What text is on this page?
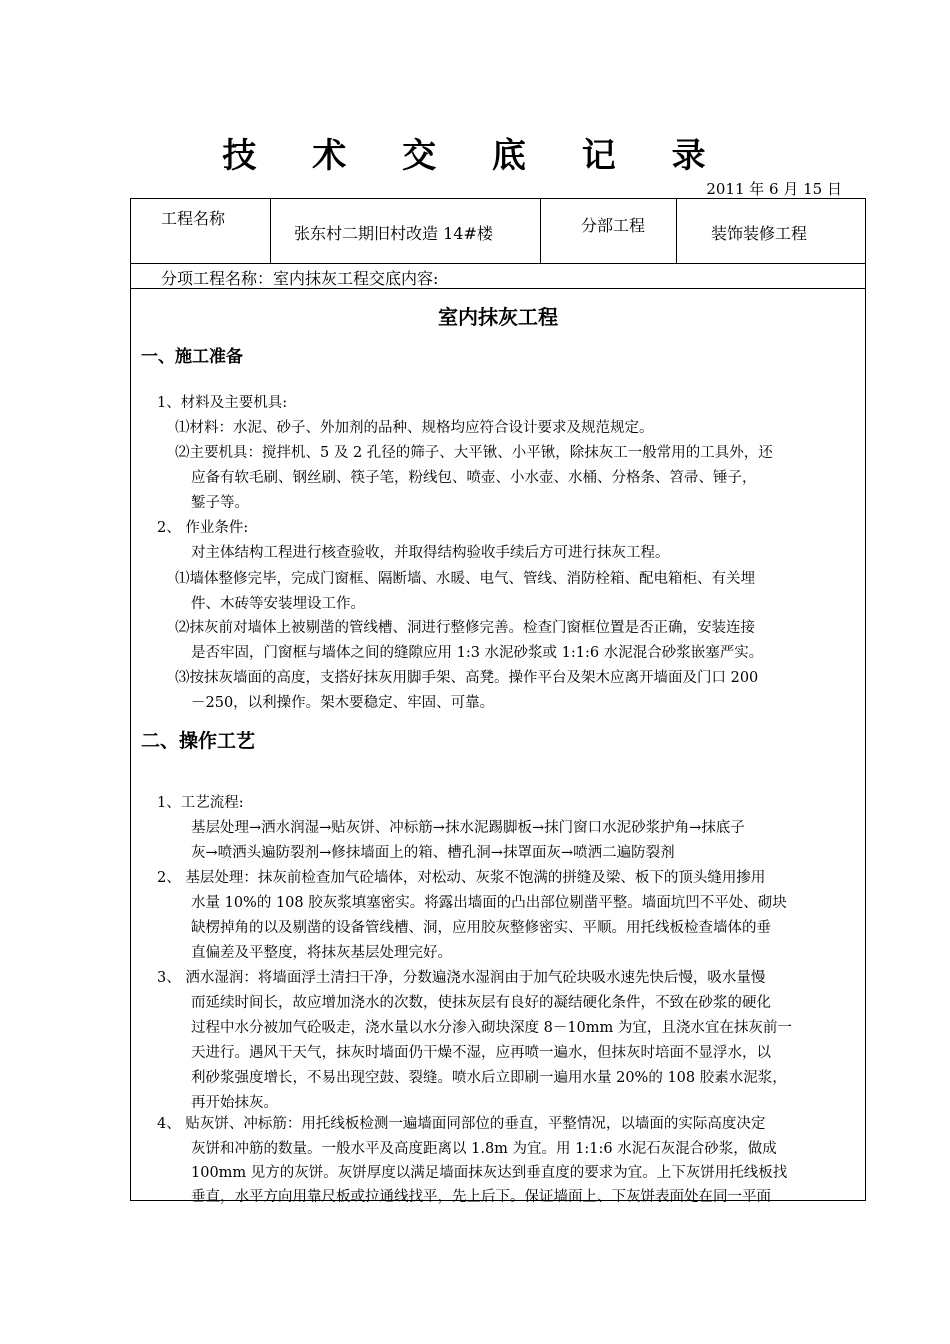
技 术 交 底 记 录
2011 年 6 月 15 日
工程名称
张东村二期旧村改造 14#楼	分部工程	装饰装修工程
分项工程名称：室内抹灰工程交底内容:
室内抹灰工程
一、施工准备
1、材料及主要机具:
⑴材料：水泥、砂子、外加剂的品种、规格均应符合设计要求及规范规定。
⑵主要机具：搅拌机、5 及 2 孔径的筛子、大平锹、小平锹，除抹灰工一般常用的工具外，还
应备有软毛刷、钢丝刷、筷子笔，粉线包、喷壶、小水壶、水桶、分格条、笤帚、锤子，
錾子等。
2、 作业条件:
对主体结构工程进行核查验收，并取得结构验收手续后方可进行抹灰工程。
⑴墙体整修完毕，完成门窗框、隔断墙、水暖、电气、管线、消防栓箱、配电箱柜、有关埋
件、木砖等安装埋设工作。
⑵抹灰前对墙体上被剔凿的管线槽、洞进行整修完善。检查门窗框位置是否正确，安装连接
是否牢固，门窗框与墙体之间的缝隙应用 1:3 水泥砂浆或 1:1:6 水泥混合砂浆嵌塞严实。
⑶按抹灰墙面的高度，支搭好抹灰用脚手架、高凳。操作平台及架木应离开墙面及门口 200
－250，以利操作。架木要稳定、牢固、可靠。
二、操作工艺
1、工艺流程:
基层处理→洒水润湿→贴灰饼、冲标筋→抹水泥踢脚板→抹门窗口水泥砂浆护角→抹底子
灰→喷洒头遍防裂剂→修抹墙面上的箱、槽孔洞→抹罩面灰→喷洒二遍防裂剂
2、 基层处理：抹灰前检查加气砼墙体，对松动、灰浆不饱满的拼缝及梁、板下的顶头缝用掺用
水量 10%的 108 胶灰浆填塞密实。将露出墙面的凸出部位剔凿平整。墙面坑凹不平处、砌块
缺楞掉角的以及剔凿的设备管线槽、洞，应用胶灰整修密实、平顺。用托线板检查墙体的垂
直偏差及平整度，将抹灰基层处理完好。
3、 洒水湿润：将墙面浮土清扫干净，分数遍浇水湿润由于加气砼块吸水速先快后慢，吸水量慢
而延续时间长，故应增加浇水的次数，使抹灰层有良好的凝结硬化条件，不致在砂浆的硬化
过程中水分被加气砼吸走，浇水量以水分渗入砌块深度 8－10mm 为宜，且浇水宜在抹灰前一
天进行。遇风干天气，抹灰时墙面仍干燥不湿，应再喷一遍水，但抹灰时培面不显浮水，以
利砂浆强度增长，不易出现空鼓、裂缝。喷水后立即刷一遍用水量 20%的 108 胶素水泥浆，
再开始抹灰。
4、 贴灰饼、冲标筋：用托线板检测一遍墙面同部位的垂直，平整情况，以墙面的实际高度决定
灰饼和冲筋的数量。一般水平及高度距离以 1.8m 为宜。用 1:1:6 水泥石灰混合砂浆，做成
100mm 见方的灰饼。灰饼厚度以满足墙面抹灰达到垂直度的要求为宜。上下灰饼用托线板找
垂直，水平方向用靠尺板或拉通线找平，先上后下。保证墙面上、下灰饼表面处在同一平面
